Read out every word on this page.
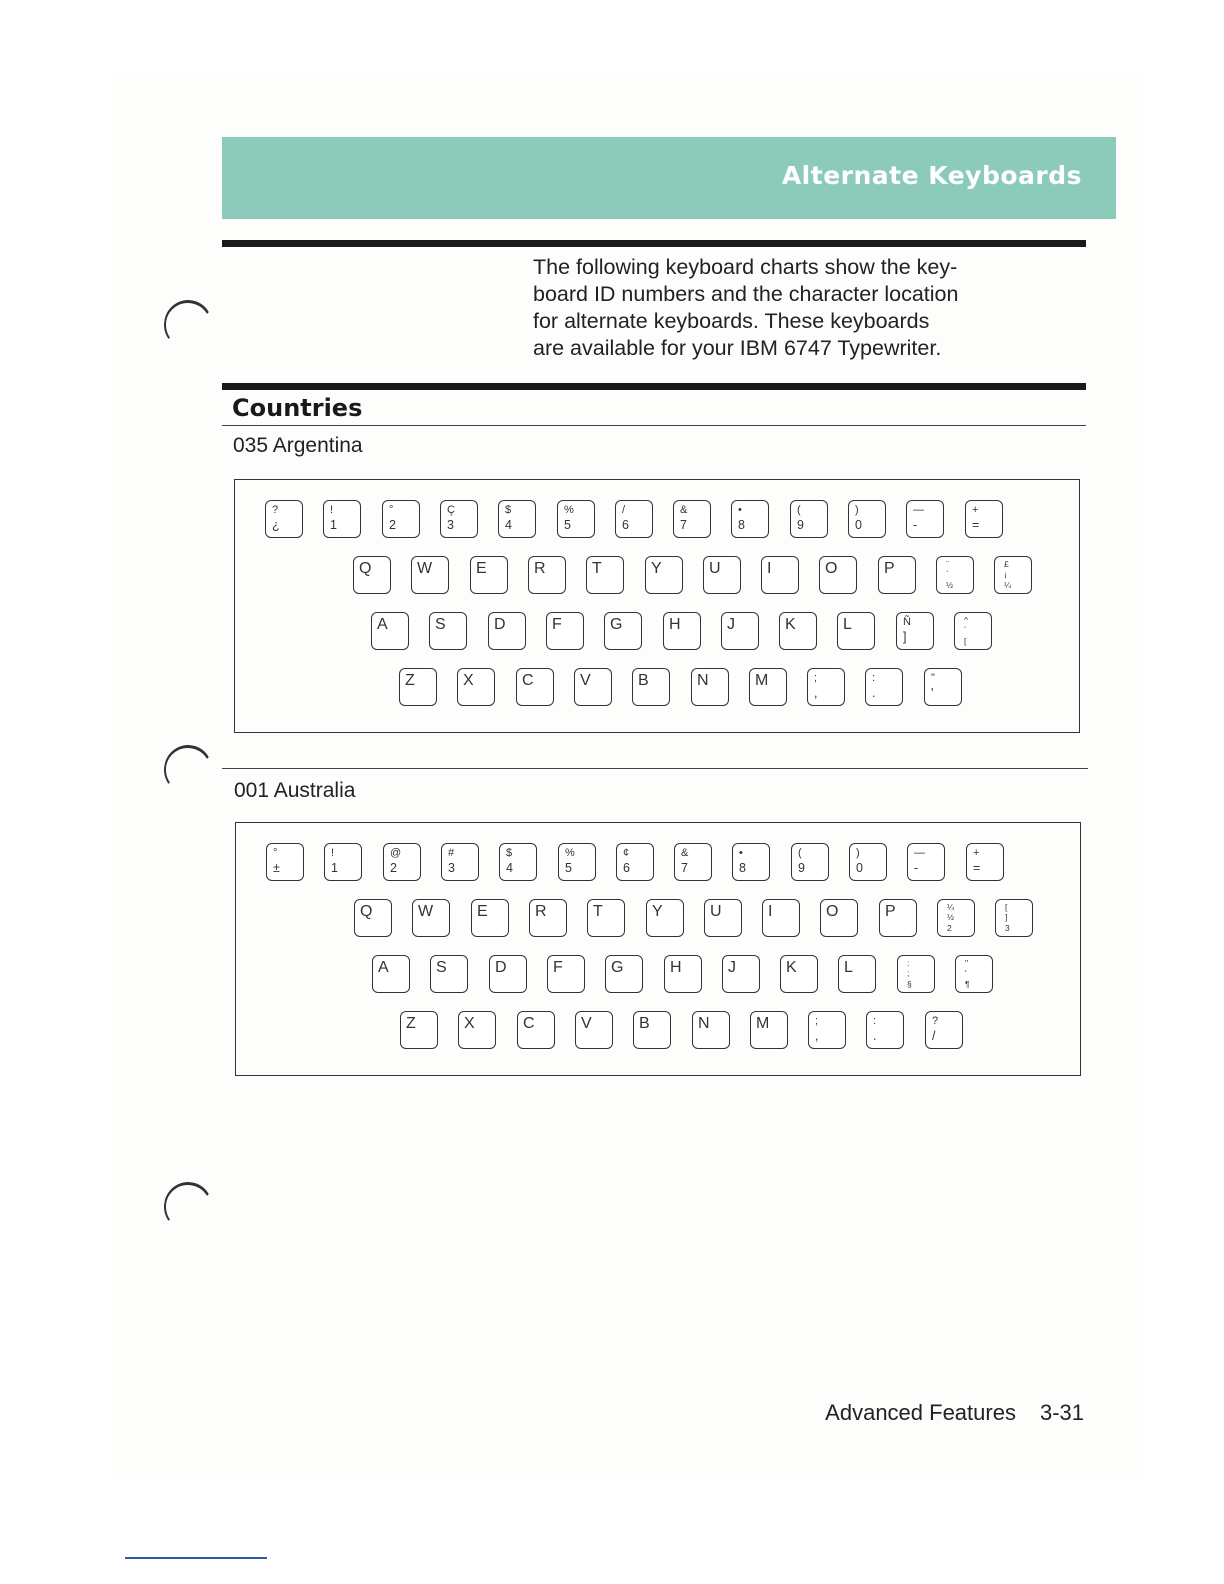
Alternate Keyboards
The following keyboard charts show the key-
board ID numbers and the character location
for alternate keyboards. These keyboards
are available for your IBM 6747 Typewriter.
Countries
035 Argentina
?
¿
!
1
°
2
Ç
3
$
4
%
5
/
6
&
7
•
8
(
9
)
0
—
-
+
=
Q	W	E	R	T	Y	U	I	O	P	¨
`
½
£
¡
¼
A	S	D	F	G	H	J	K	L	Ñ
]
^
´
[
Z	X	C	V	B	N	M	;
,
:
.
"
'
001 Australia
°
±
!
1
@
2
#
3
$
4
%
5
¢
6
&
7
•
8
(
9
)
0
—
-
+
=
Q	W	E	R	T	Y	U	I	O	P	¼
½
2
[
]
3
A	S	D	F	G	H	J	K	L	:
;
§
"
'
¶
Z	X	C	V	B	N	M	;
,
:
.
?
/
Advanced Features 3-31
